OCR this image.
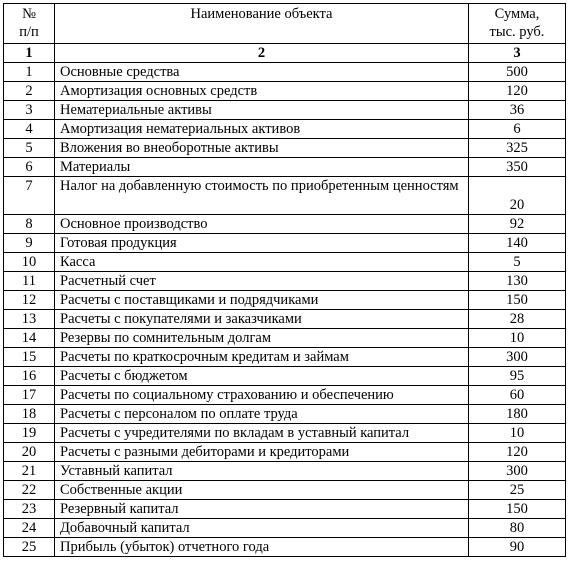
№
п/п	Наименование объекта	Сумма,
тыс. руб.
1	2	3
1	Основные средства	500
2	Амортизация основных средств	120
3	Нематериальные активы	36
4	Амортизация нематериальных активов	6
5	Вложения во внеоборотные активы	325
6	Материалы	350
7	Налог на добавленную стоимость по приобретенным ценностям	20
8	Основное производство	92
9	Готовая продукция	140
10	Касса	5
11	Расчетный счет	130
12	Расчеты с поставщиками и подрядчиками	150
13	Расчеты с покупателями и заказчиками	28
14	Резервы по сомнительным долгам	10
15	Расчеты по краткосрочным кредитам и займам	300
16	Расчеты с бюджетом	95
17	Расчеты по социальному страхованию и обеспечению	60
18	Расчеты с персоналом по оплате труда	180
19	Расчеты с учредителями по вкладам в уставный капитал	10
20	Расчеты с разными дебиторами и кредиторами	120
21	Уставный капитал	300
22	Собственные акции	25
23	Резервный капитал	150
24	Добавочный капитал	80
25	Прибыль (убыток) отчетного года	90
